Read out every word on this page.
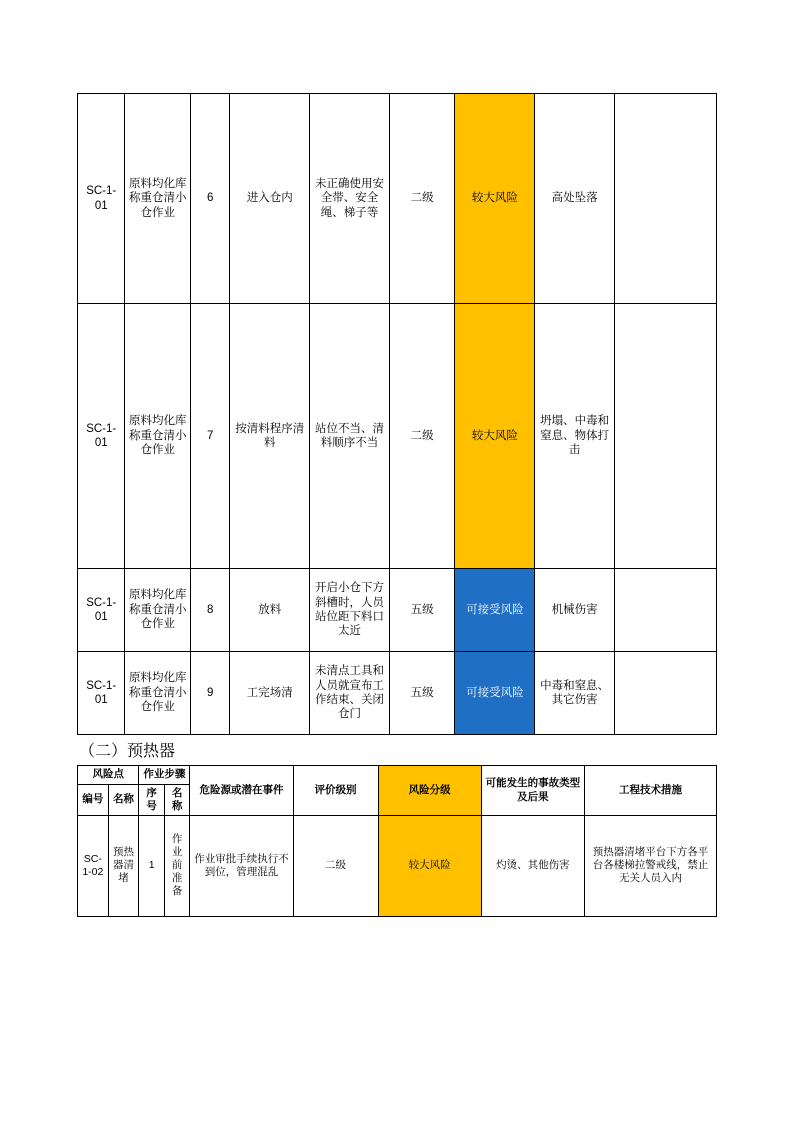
SC-1-01	原料均化库称重仓清小仓作业	6	进入仓内	未正确使用安全带、安全绳、梯子等	二级	较大风险	高处坠落	
SC-1-01	原料均化库称重仓清小仓作业	7	按清料程序清料	站位不当、清料顺序不当	二级	较大风险	坍塌、中毒和窒息、物体打击	
SC-1-01	原料均化库称重仓清小仓作业	8	放料	开启小仓下方斜槽时，人员站位距下料口太近	五级	可接受风险	机械伤害	
SC-1-01	原料均化库称重仓清小仓作业	9	工完场清	未清点工具和人员就宣布工作结束、关闭仓门	五级	可接受风险	中毒和窒息、其它伤害	
（二）预热器
风险点		作业步骤		危险源或潜在事件	评价级别	风险分级	可能发生的事故类型及后果	工程技术措施
编号	名称	序号	名称					
SC-1-02	预热器清堵	1	作业前准备	作业审批手续执行不到位，管理混乱	二级	较大风险	灼烫、其他伤害	预热器清堵平台下方各平台各楼梯拉警戒线，禁止无关人员入内
